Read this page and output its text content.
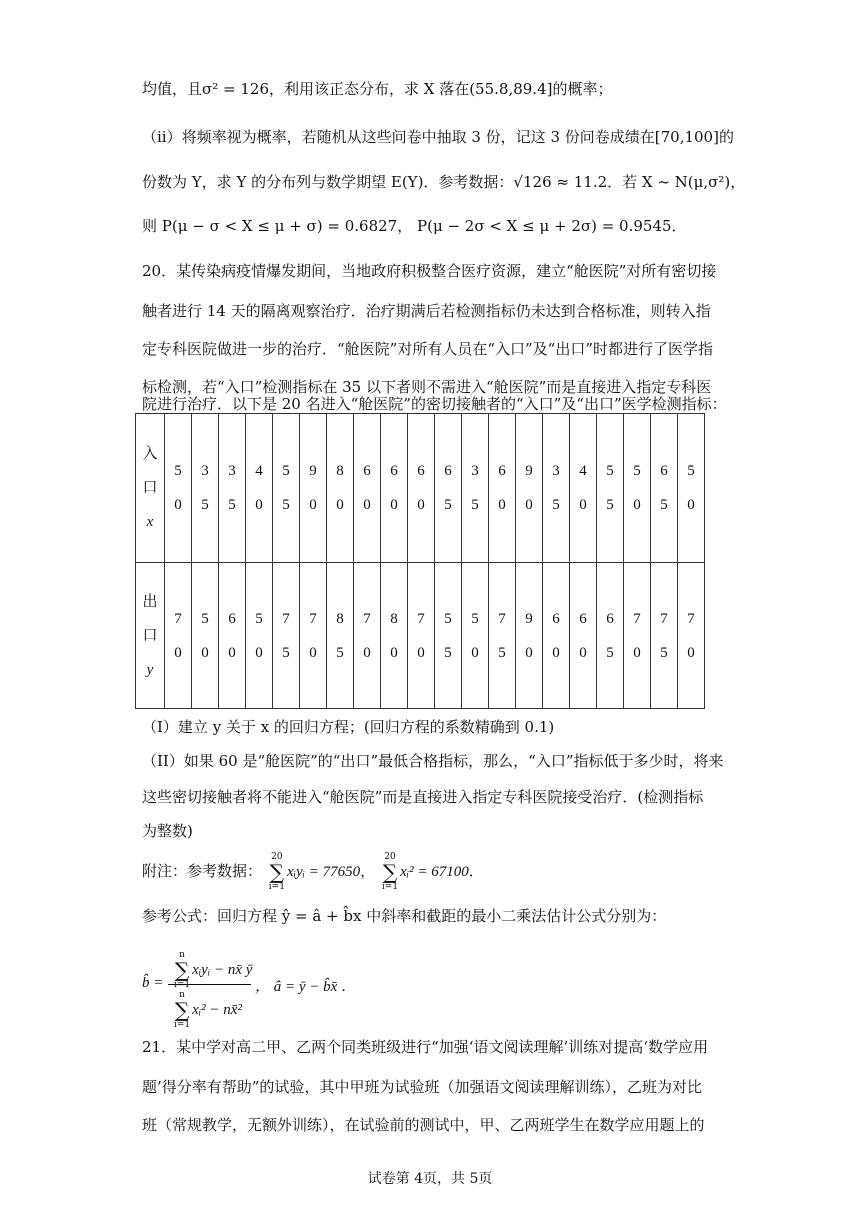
均值，且σ² = 126，利用该正态分布，求 X 落在(55.8,89.4]的概率；
（ii）将频率视为概率，若随机从这些问卷中抽取 3 份，记这 3 份问卷成绩在[70,100]的
份数为 Y，求 Y 的分布列与数学期望 E(Y)．参考数据：√126 ≈ 11.2．若 X ~ N(μ,σ²)，
则 P(μ − σ < X ≤ μ + σ) = 0.6827， P(μ − 2σ < X ≤ μ + 2σ) = 0.9545．
20．某传染病疫情爆发期间，当地政府积极整合医疗资源，建立“舱医院”对所有密切接
触者进行 14 天的隔离观察治疗．治疗期满后若检测指标仍未达到合格标准，则转入指
定专科医院做进一步的治疗．“舱医院”对所有人员在“入口”及“出口”时都进行了医学指
标检测，若“入口”检测指标在 35 以下者则不需进入“舱医院”而是直接进入指定专科医
院进行治疗．以下是 20 名进入“舱医院”的密切接触者的“入口”及“出口”医学检测指标：
入
口
x	50	35	35	40	55	90	80	60	60	60	65	35	60	90	35	40	55	50	65	50

出
口
y	70	50	60	50	75	70	85	70	80	70	55	50	75	90	60	60	65	70	75	70
（I）建立 y 关于 x 的回归方程；(回归方程的系数精确到 0.1)
（II）如果 60 是“舱医院”的“出口”最低合格指标，那么，“入口”指标低于多少时，将来
这些密切接触者将不能进入“舱医院”而是直接进入指定专科医院接受治疗．(检测指标
为整数)
附注：参考数据：
20
∑
i=1
xᵢyᵢ = 77650，
20
∑
i=1
xᵢ² = 67100．
参考公式：回归方程 ŷ = â + b̂x 中斜率和截距的最小二乘法估计公式分别为：
b̂ =
n
∑
i=1
xᵢyᵢ − nx̄ ȳ
n
∑
i=1
xᵢ² − nx̄²
， â = ȳ − b̂x̄ ．
21．某中学对高二甲、乙两个同类班级进行“加强‘语文阅读理解’训练对提高‘数学应用
题’得分率有帮助”的试验，其中甲班为试验班（加强语文阅读理解训练），乙班为对比
班（常规教学，无额外训练），在试验前的测试中，甲、乙两班学生在数学应用题上的
试卷第 4页，共 5页
